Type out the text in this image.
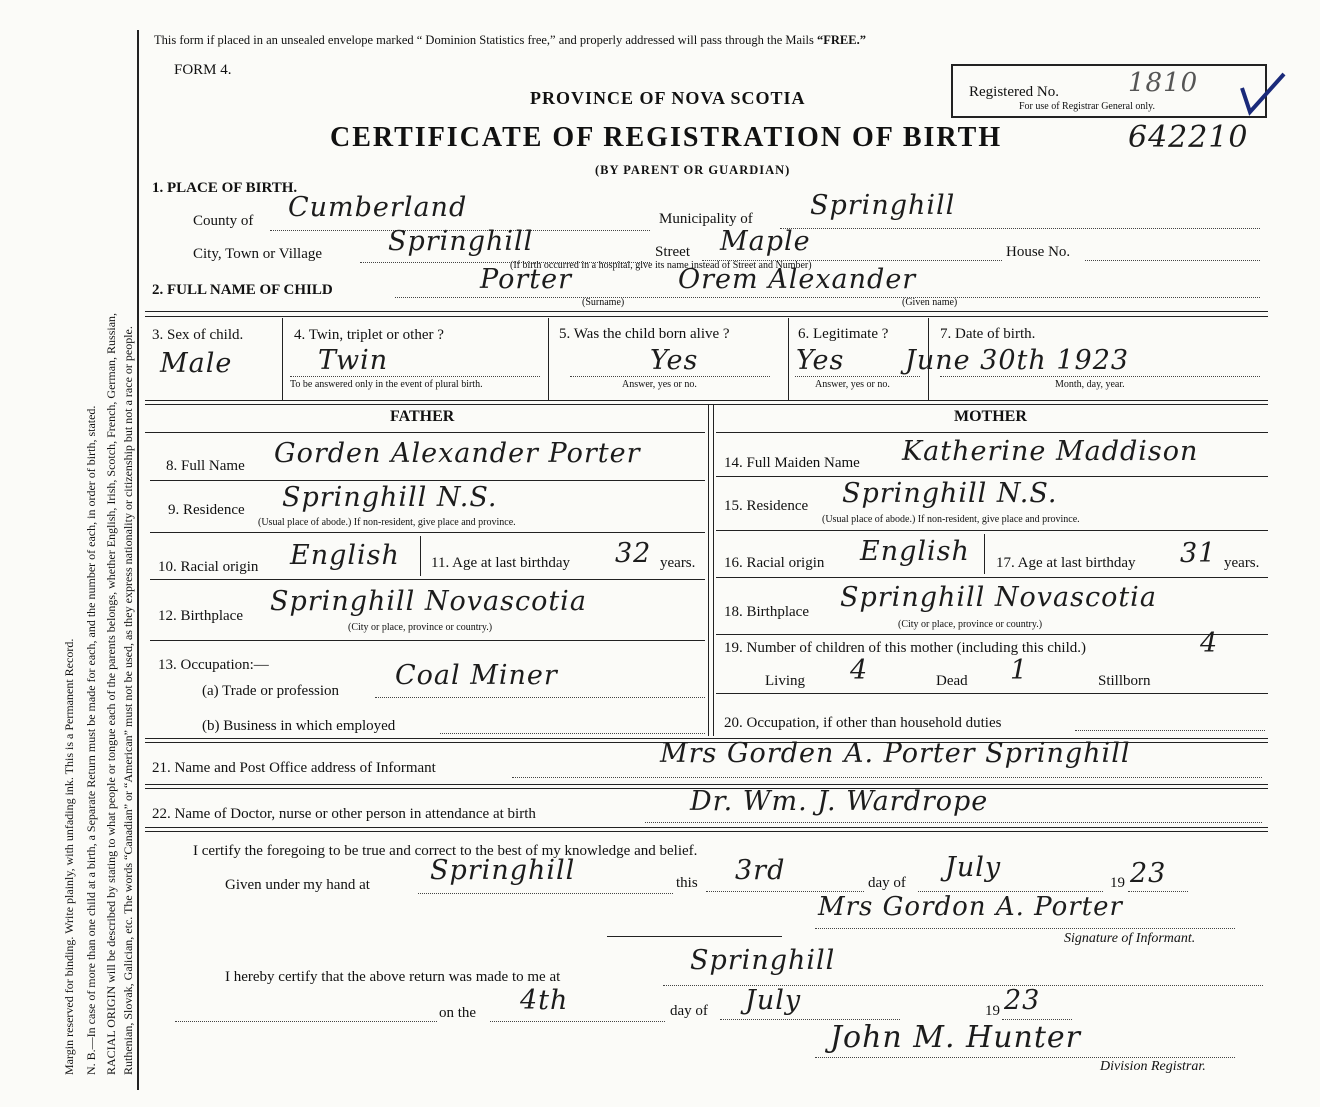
Margin reserved for binding. Write plainly, with unfading ink. This is a Permanent Record. N. B.—In case of more than one child at a birth, a Separate Return must be made for each, and the number of each, in order of birth, stated. RACIAL ORIGIN will be described by stating to what people or tongue each of the parents belongs, whether English, Irish, Scotch, French, German, Russian, Ruthenian, Slovak, Galician, etc. The words “Canadian” or “American” must not be used, as they express nationality or citizenship but not a race or people.
This form if placed in an unsealed envelope marked “ Dominion Statistics free,” and properly addressed will pass through the Mails “FREE.”
FORM 4.
Registered No.	1810
For use of Registrar General only.
PROVINCE OF NOVA SCOTIA
CERTIFICATE OF REGISTRATION OF BIRTH	642210
(BY PARENT OR GUARDIAN)
1. PLACE OF BIRTH.
County of Cumberland	Municipality of Springhill
City, Town or Village Springhill	Street Maple	House No.
(If birth occurred in a hospital, give its name instead of Street and Number)
2. FULL NAME OF CHILD	Porter	Orem Alexander
(Surname)	(Given name)
3. Sex of child.
Male
4. Twin, triplet or other ?
Twin
To be answered only in the event of plural birth.
5. Was the child born alive ?
Yes
Answer, yes or no.
6. Legitimate ?
Yes
Answer, yes or no.
7. Date of birth.
June 30th 1923
Month, day, year.
FATHER	MOTHER
8. Full Name Gorden Alexander Porter
9. Residence Springhill N.S.
(Usual place of abode.) If non-resident, give place and province.
10. Racial origin English 11. Age at last birthday 32 years.
12. Birthplace Springhill Novascotia
(City or place, province or country.)
13. Occupation:—
(a) Trade or profession Coal Miner
(b) Business in which employed
14. Full Maiden Name Katherine Maddison
15. Residence Springhill N.S.
(Usual place of abode.) If non-resident, give place and province.
16. Racial origin English 17. Age at last birthday 31 years.
18. Birthplace Springhill Novascotia
(City or place, province or country.)
19. Number of children of this mother (including this child.)	4
Living 4	Dead 1	Stillborn
20. Occupation, if other than household duties
21. Name and Post Office address of Informant	Mrs Gorden A. Porter Springhill
22. Name of Doctor, nurse or other person in attendance at birth	Dr. Wm. J. Wardrope
I certify the foregoing to be true and correct to the best of my knowledge and belief.
Given under my hand at Springhill	this 3rd	day of July	19 23
Mrs Gordon A. Porter
Signature of Informant.
I hereby certify that the above return was made to me at
Springhill
on the 4th	day of July	19 23
John M. Hunter
Division Registrar.
